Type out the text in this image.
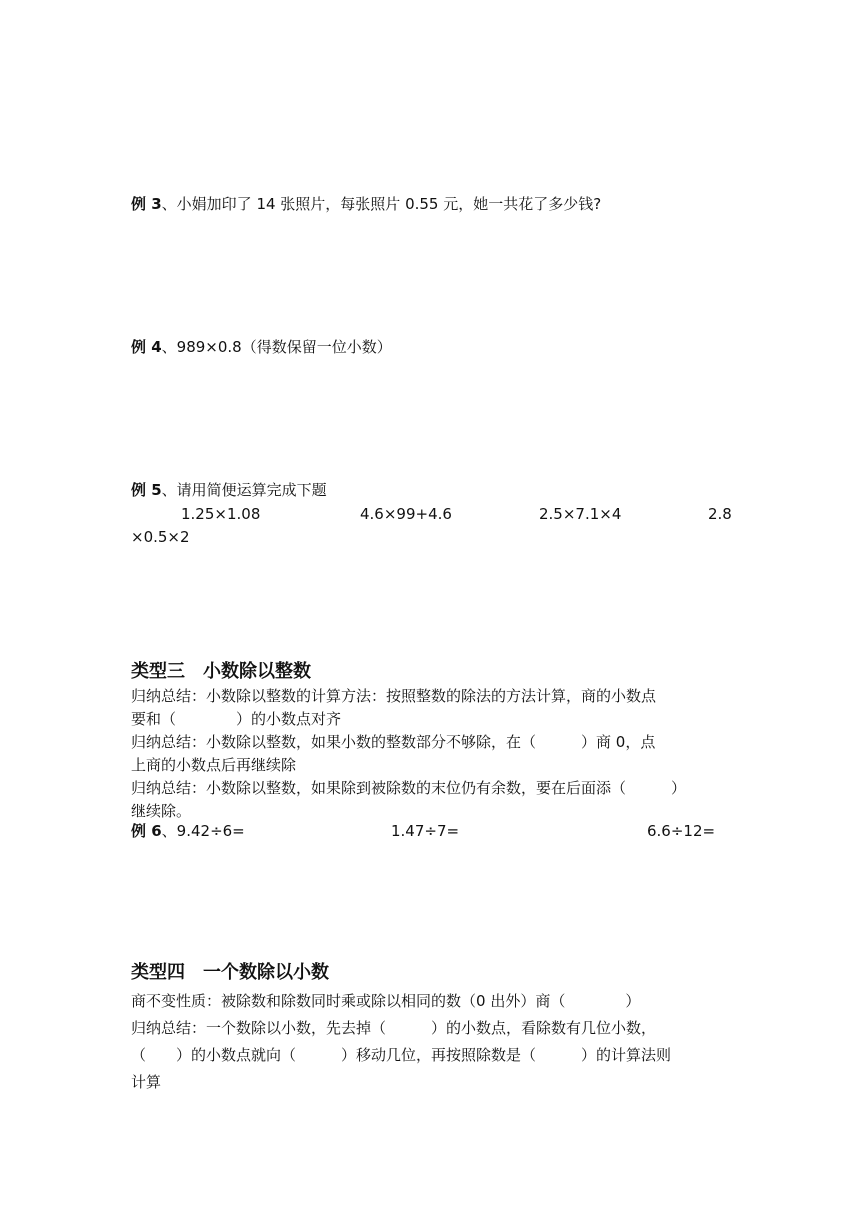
例 3、小娟加印了 14 张照片，每张照片 0.55 元，她一共花了多少钱?
例 4、989×0.8（得数保留一位小数）
例 5、请用简便运算完成下题
1.25×1.08	4.6×99+4.6	2.5×7.1×4	2.8
×0.5×2
类型三　小数除以整数
归纳总结：小数除以整数的计算方法：按照整数的除法的方法计算，商的小数点
要和（　　　　）的小数点对齐
归纳总结：小数除以整数，如果小数的整数部分不够除，在（　　　）商 0，点
上商的小数点后再继续除
归纳总结：小数除以整数，如果除到被除数的末位仍有余数，要在后面添（　　　）
继续除。
例 6、9.42÷6=	1.47÷7=	6.6÷12=
类型四　一个数除以小数
商不变性质：被除数和除数同时乘或除以相同的数（0 出外）商（　　　　）
归纳总结：一个数除以小数，先去掉（　　　）的小数点，看除数有几位小数，
（　　）的小数点就向（　　　）移动几位，再按照除数是（　　　）的计算法则
计算
